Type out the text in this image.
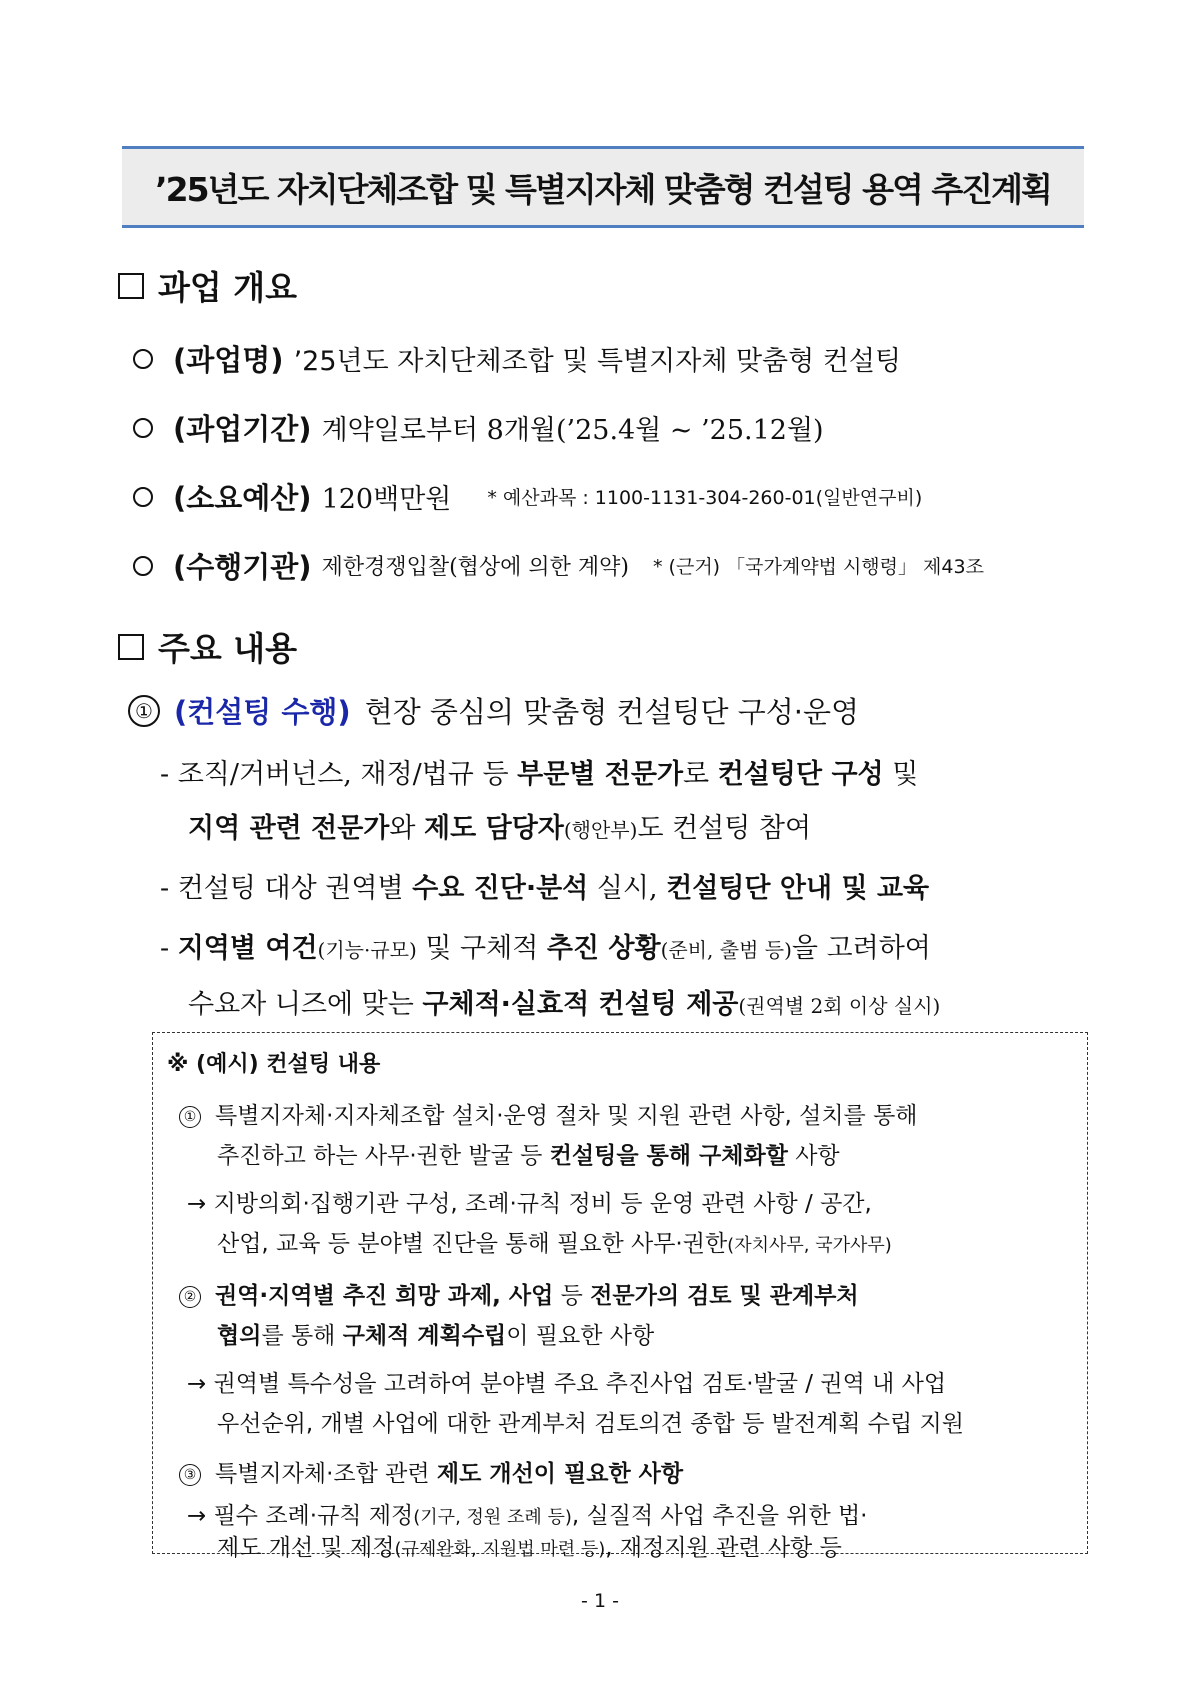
’25년도 자치단체조합 및 특별지자체 맞춤형 컨설팅 용역 추진계획
과업 개요
(과업명) ’25년도 자치단체조합 및 특별지자체 맞춤형 컨설팅
(과업기간) 계약일로부터 8개월(’25.4월 ~ ’25.12월)
(소요예산) 120백만원 * 예산과목 : 1100-1131-304-260-01(일반연구비)
(수행기관) 제한경쟁입찰(협상에 의한 계약) * (근거) 「국가계약법 시행령」 제43조
주요 내용
① (컨설팅 수행) 현장 중심의 맞춤형 컨설팅단 구성·운영
- 조직/거버넌스, 재정/법규 등 부문별 전문가로 컨설팅단 구성 및
지역 관련 전문가와 제도 담당자(행안부)도 컨설팅 참여
- 컨설팅 대상 권역별 수요 진단·분석 실시, 컨설팅단 안내 및 교육
- 지역별 여건(기능·규모) 및 구체적 추진 상황(준비, 출범 등)을 고려하여
수요자 니즈에 맞는 구체적·실효적 컨설팅 제공(권역별 2회 이상 실시)
※ (예시) 컨설팅 내용
① 특별지자체·지자체조합 설치·운영 절차 및 지원 관련 사항, 설치를 통해
추진하고 하는 사무·권한 발굴 등 컨설팅을 통해 구체화할 사항
→ 지방의회·집행기관 구성, 조례·규칙 정비 등 운영 관련 사항 / 공간,
산업, 교육 등 분야별 진단을 통해 필요한 사무·권한(자치사무, 국가사무)
② 권역·지역별 추진 희망 과제, 사업 등 전문가의 검토 및 관계부처
협의를 통해 구체적 계획수립이 필요한 사항
→ 권역별 특수성을 고려하여 분야별 주요 추진사업 검토·발굴 / 권역 내 사업
우선순위, 개별 사업에 대한 관계부처 검토의견 종합 등 발전계획 수립 지원
③ 특별지자체·조합 관련 제도 개선이 필요한 사항
→ 필수 조례·규칙 제정(기구, 정원 조례 등), 실질적 사업 추진을 위한 법·
제도 개선 및 제정(규제완화, 지원법 마련 등), 재정지원 관련 사항 등
- 1 -
